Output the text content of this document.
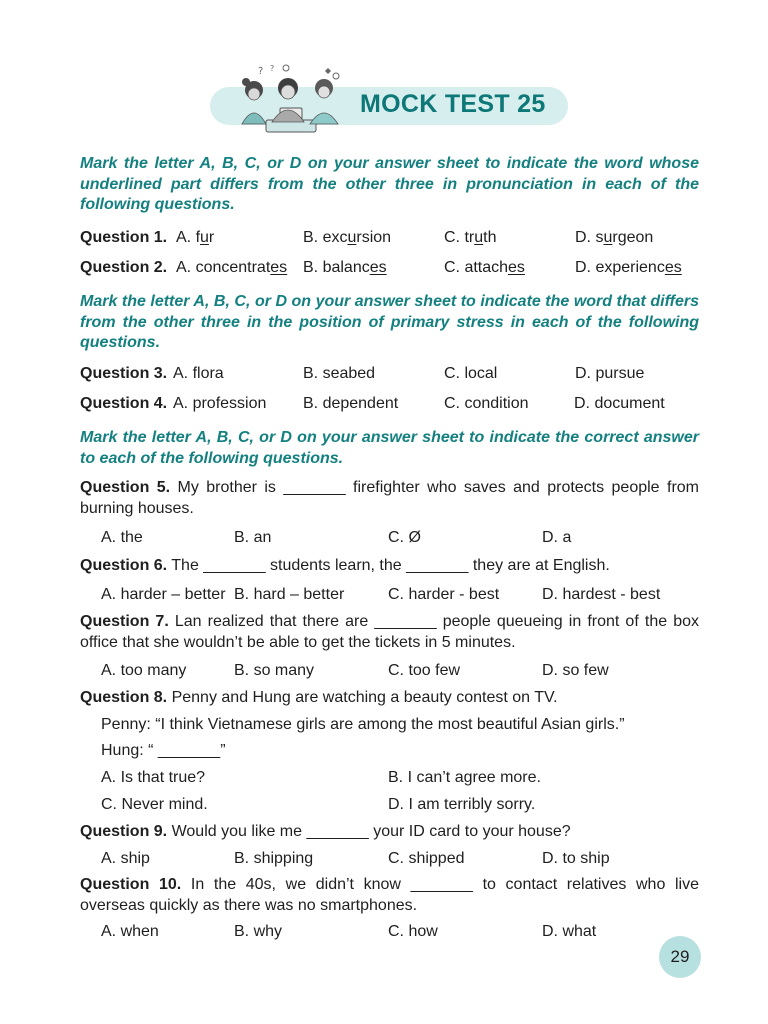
? ?
MOCK TEST 25
Mark the letter A, B, C, or D on your answer sheet to indicate the word whose underlined part differs from the other three in pronunciation in each of the following questions.
Question 1. A. fur	B. excursion	C. truth	D. surgeon
Question 2. A. concentrates B. balances	C. attaches	D. experiences
Mark the letter A, B, C, or D on your answer sheet to indicate the word that differs from the other three in the position of primary stress in each of the following questions.
Question 3. A. flora	B. seabed	C. local	D. pursue
Question 4. A. profession B. dependent	C. condition	D. document
Mark the letter A, B, C, or D on your answer sheet to indicate the correct answer to each of the following questions.
Question 5. My brother is _______ firefighter who saves and protects people from burning houses.
A. the	B. an	C. Ø	D. a
Question 6. The _______ students learn, the _______ they are at English.
A. harder – better B. hard – better	C. harder - best	D. hardest - best
Question 7. Lan realized that there are _______ people queueing in front of the box office that she wouldn’t be able to get the tickets in 5 minutes.
A. too many	B. so many	C. too few	D. so few
Question 8. Penny and Hung are watching a beauty contest on TV.
Penny: “I think Vietnamese girls are among the most beautiful Asian girls.”
Hung: “ _______”
A. Is that true?	B. I can’t agree more.
C. Never mind.	D. I am terribly sorry.
Question 9. Would you like me _______ your ID card to your house?
A. ship	B. shipping	C. shipped	D. to ship
Question 10. In the 40s, we didn’t know _______ to contact relatives who live overseas quickly as there was no smartphones.
A. when	B. why	C. how	D. what
29
